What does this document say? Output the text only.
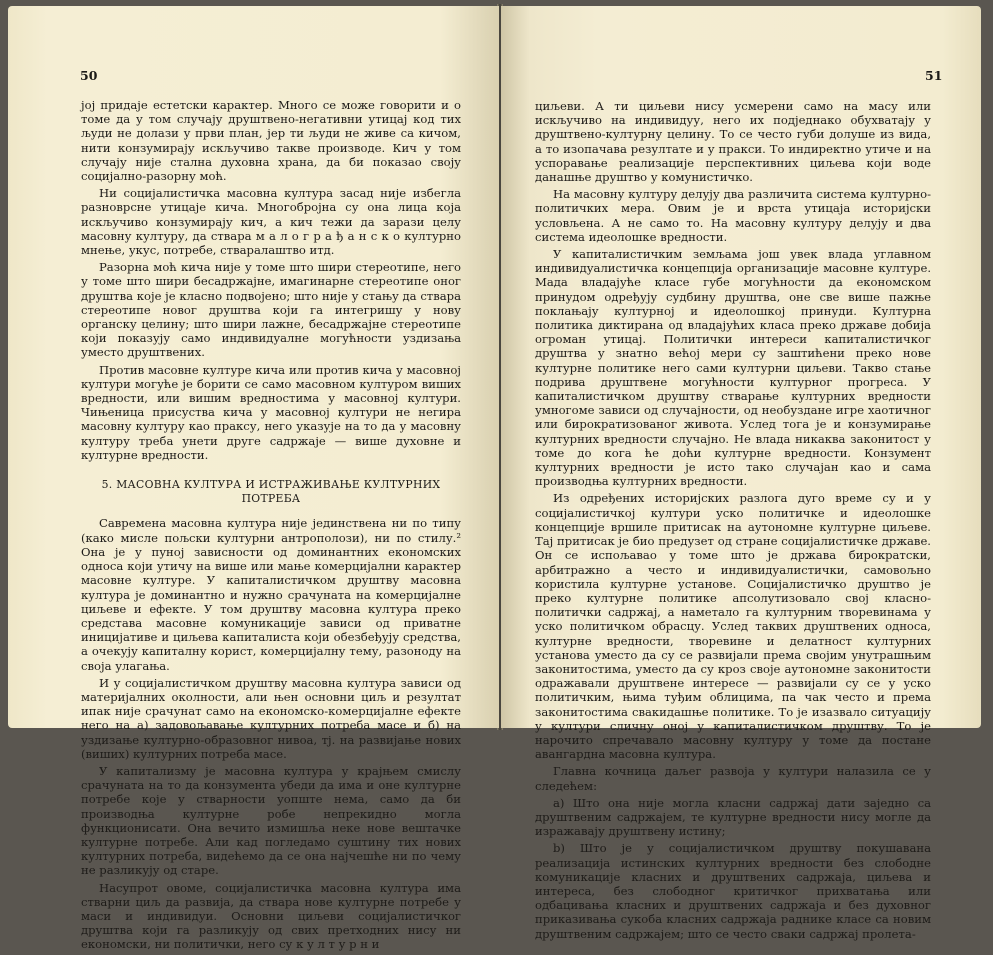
50

јој придаје естетски карактер. Много се може говорити и о томе да у том случају друштвено-негативни утицај код тих људи не долази у први план, јер ти људи не живе са кичом, нити конзумирају искључиво такве производе. Кич у том случају није стална духовна храна, да би показао своју социјално-разорну моћ.

Ни социјалистичка масовна култура засад није избегла разноврсне утицаје кича. Многобројна су она лица која искључиво конзумирају кич, а кич тежи да зарази целу масовну културу, да ствара м а л о г р а ђ а н с к о културно мнење, укус, потребе, стваралаштво итд.

Разорна моћ кича није у томе што шири стереотипе, него у томе што шири бесадржајне, имагинарне стереотипе оног друштва које је класно подвојено; што није у стању да ствара стереотипе новог друштва који га интегришу у нову органску целину; што шири лажне, бесадржајне стереотипе који показују само индивидуалне могућности уздизања уместо друштвених.

Против масовне културе кича или против кича у масовној култури могуће је борити се само масовном културом виших вредности, или вишим вредностима у масовној култури. Чињеница присуства кича у масовној култури не негира масовну културу као праксу, него указује на то да у масовну културу треба унети друге садржаје — више духовне и културне вредности.

5. МАСОВНА КУЛТУРА И ИСТРАЖИВАЊЕ КУЛТУРНИХ ПОТРЕБА

Савремена масовна култура није јединствена ни по типу (како мисле пољски културни антрополози), ни по стилу.² Она је у пуној зависности од доминантних економских односа који утичу на више или мање комерцијални карактер масовне културе. У капиталистичком друштву масовна култура је доминантно и нужно срачуната на комерцијалне циљеве и ефекте. У том друштву масовна култура преко средстава масовне комуникације зависи од приватне иницијативе и циљева капиталиста који обезбеђују средства, а очекују капиталну корист, комерцијалну тему, разоноду на своја улагања.

И у социјалистичком друштву масовна култура зависи од материјалних околности, али њен основни циљ и резултат ипак није срачунат само на економско-комерцијалне ефекте него на а) задовољавање културних потреба масе и б) на уздизање културно-образовног нивоа, тј. на развијање нових (виших) културних потреба масе.

У капитализму је масовна култура у крајњем смислу срачуната на то да конзумента убеди да има и оне културне потребе које у стварности уопште нема, само да би производња културне робе непрекидно могла функционисати. Она вечито измишља неке нове вештачке културне потребе. Али кад погледамо суштину тих нових културних потреба, видећемо да се она најчешће ни по чему не разликују од старе.

Насупрот овоме, социјалистичка масовна култура има стварни циљ да развија, да ствара нове културне потребе у маси и индивидуи. Основни циљеви социјалистичког друштва који га разликују од свих претходних нису ни економски, ни политички, него су к у л т у р н и

51

циљеви. А ти циљеви нису усмерени само на масу или искључиво на индивидуу, него их подједнако обухватају у друштвено-културну целину. То се често губи долуше из вида, а то изопачава резултате и у пракси. То индиректно утиче и на успоравање реализације перспективних циљева који воде данашње друштво у комунистичко.

На масовну културу делују два различита система културно-политичких мера. Овим је и врста утицаја историјски условљена. А не само то. На масовну културу делују и два система идеолошке вредности.

У капиталистичким земљама још увек влада углавном индивидуалистичка концепција организације масовне културе. Мада владајуће класе губе могућности да економском принудом одређују судбину друштва, оне све више пажње поклањају културној и идеолошкој принуди. Културна политика диктирана од владајућих класа преко државе добија огроман утицај. Политички интереси капиталистичког друштва у знатно већој мери су заштићени преко нове културне политике него сами културни циљеви. Такво стање подрива друштвене могућности културног прогреса. У капиталистичком друштву стварање културних вредности умногоме зависи од случајности, од необуздане игре хаотичног или бирократизованог живота. Услед тога је и конзумирање културних вредности случајно. Не влада никаква законитост у томе до кога ће доћи културне вредности. Конзумент културних вредности је исто тако случајан као и сама производња културних вредности.

Из одређених историјских разлога дуго време су и у социјалистичкој култури уско политичке и идеолошке концепције вршиле притисак на аутономне културне циљеве. Тај притисак је био предузет од стране социјалистичке државе. Он се испољавао у томе што је држава бирократски, арбитражно а често и индивидуалистички, самовољно користила културне установе. Социјалистичко друштво је преко културне политике апсолутизовало свој класно-политички садржај, а наметало га културним творевинама у уско политичком обрасцу. Услед таквих друштвених односа, културне вредности, творевине и делатност културних установа уместо да су се развијали према својим унутрашњим законитостима, уместо да су кроз своје аутономне законитости одражавали друштвене интересе — развијали су се у уско политичким, њима туђим облицима, па чак често и према законитостима свакидашње политике. То је изазвало ситуацију у култури сличну оној у капиталистичком друштву. То је нарочито спречавало масовну културу у томе да постане авангардна масовна култура.

Главна кочница даљег развоја у култури налазила се у следећем:

а) Што она није могла класни садржај дати заједно са друштвеним садржајем, те културне вредности нису могле да изражавају друштвену истину;

b) Што је у социјалистичком друштву покушавана реализација истинских културних вредности без слободне комуникације класних и друштвених садржаја, циљева и интереса, без слободног критичког прихватања или одбацивања класних и друштвених садржаја и без духовног приказивања сукоба класних садржаја раднике класе са новим друштвеним садржајем; што се често сваки садржај пролета-
